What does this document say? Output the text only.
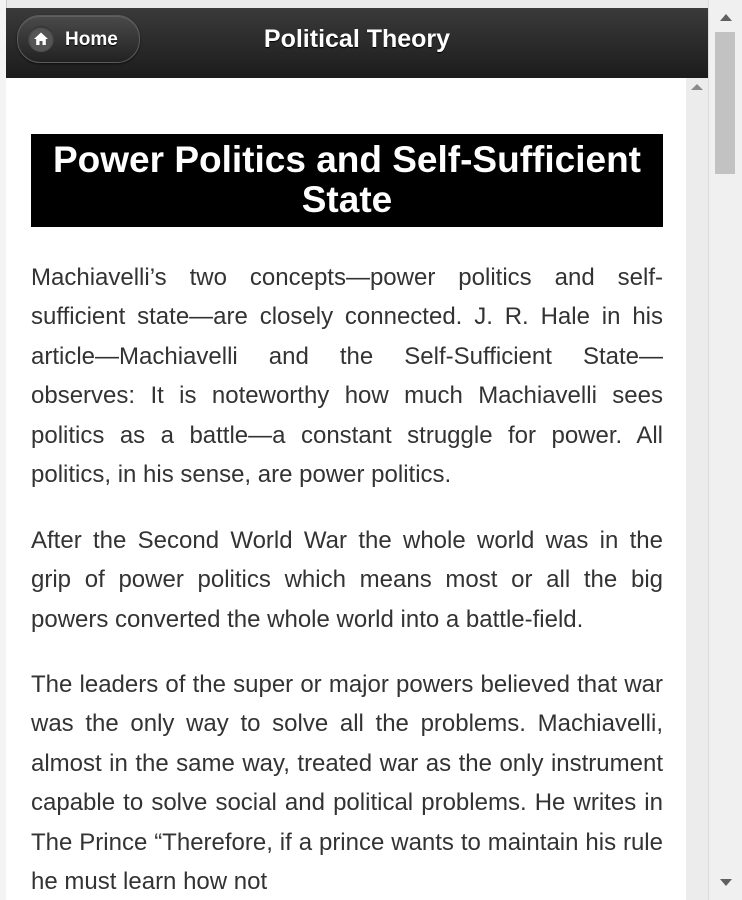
Home	Political Theory
Power Politics and Self-Sufficient State

Machiavelli’s two concepts—power politics and self-sufficient state—are closely connected. J. R. Hale in his article—Machiavelli and the Self-Sufficient State—observes: It is noteworthy how much Machiavelli sees politics as a battle—a constant struggle for power. All politics, in his sense, are power politics.

After the Second World War the whole world was in the grip of power politics which means most or all the big powers converted the whole world into a battle-field.

The leaders of the super or major powers believed that war was the only way to solve all the problems. Machiavelli, almost in the same way, treated war as the only instrument capable to solve social and political problems. He writes in The Prince “Therefore, if a prince wants to maintain his rule he must learn how not
